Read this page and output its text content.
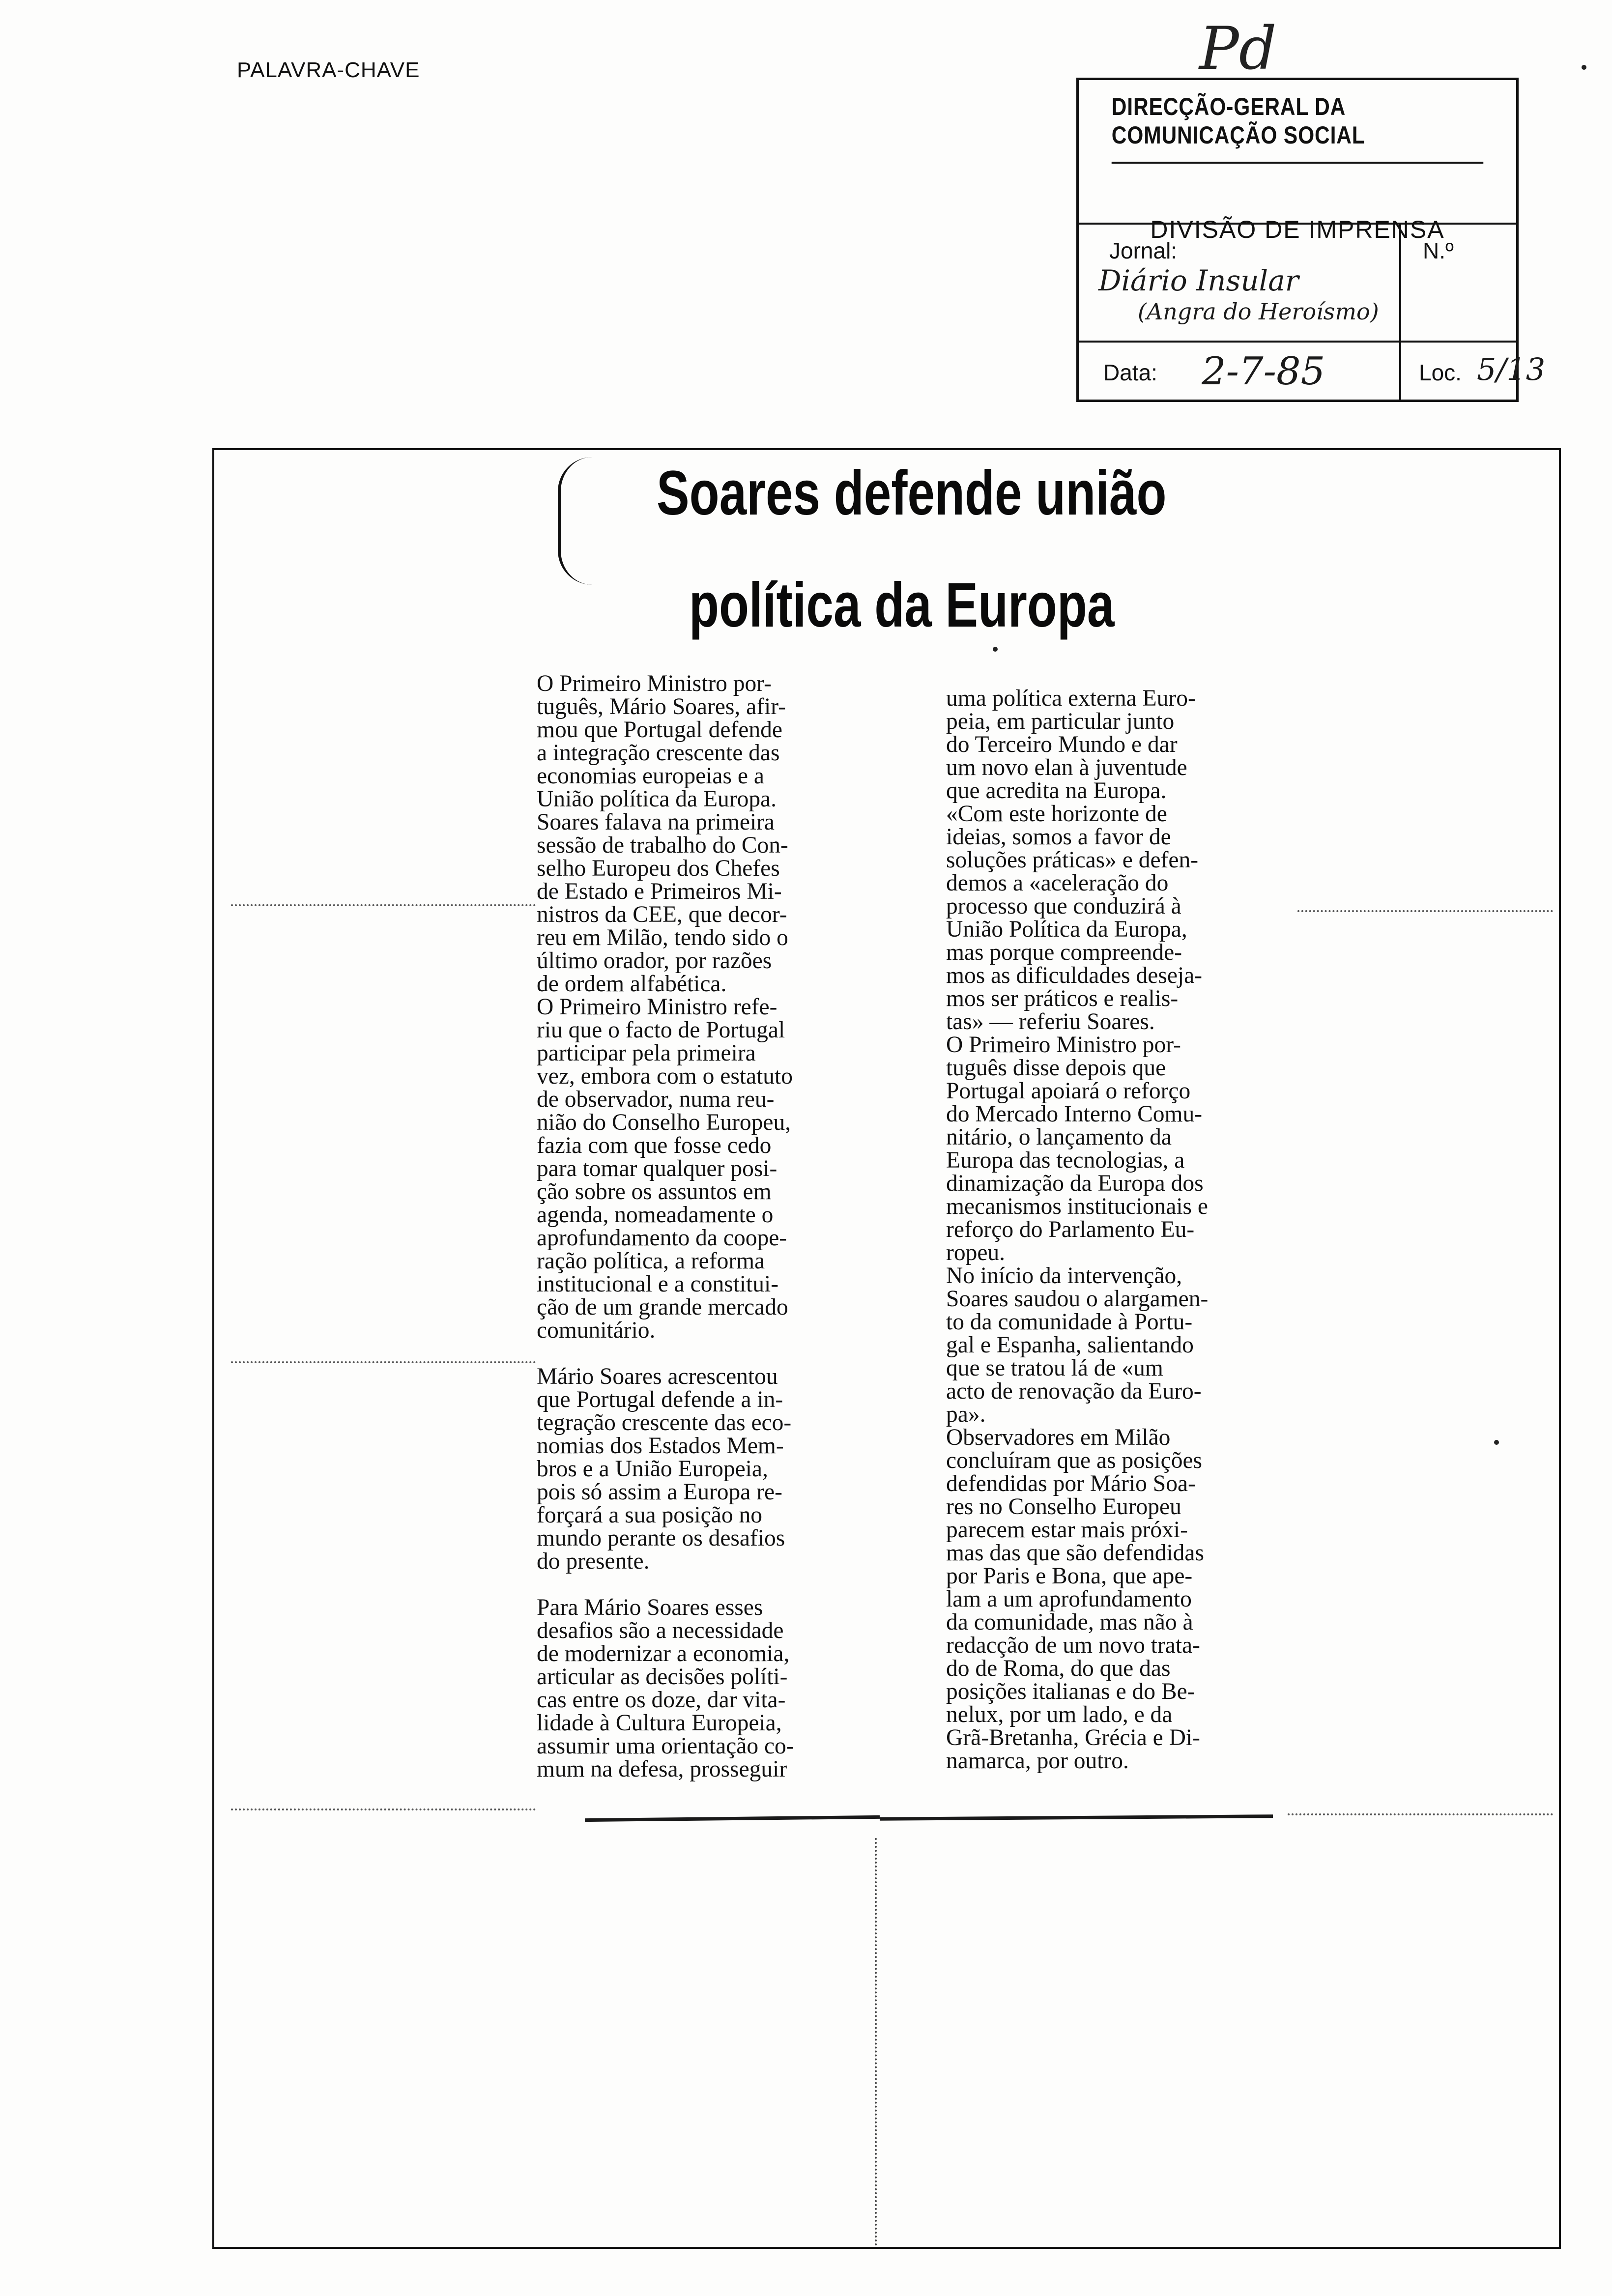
PALAVRA-CHAVE	Pd
DIRECÇÃO-GERAL DA COMUNICAÇÃO SOCIAL
DIVISÃO DE IMPRENSA
Jornal:
Diário Insular
(Angra do Heroísmo)
N.º
Data: 2-7-85	Loc. 5/13
Soares defende união
política da Europa
O Primeiro Ministro por-
tuguês, Mário Soares, afir-
mou que Portugal defende
a integração crescente das
economias europeias e a
União política da Europa.
Soares falava na primeira
sessão de trabalho do Con-
selho Europeu dos Chefes
de Estado e Primeiros Mi-
nistros da CEE, que decor-
reu em Milão, tendo sido o
último orador, por razões
de ordem alfabética.
O Primeiro Ministro refe-
riu que o facto de Portugal
participar pela primeira
vez, embora com o estatuto
de observador, numa reu-
nião do Conselho Europeu,
fazia com que fosse cedo
para tomar qualquer posi-
ção sobre os assuntos em
agenda, nomeadamente o
aprofundamento da coope-
ração política, a reforma
institucional e a constitui-
ção de um grande mercado
comunitário.

Mário Soares acrescentou
que Portugal defende a in-
tegração crescente das eco-
nomias dos Estados Mem-
bros e a União Europeia,
pois só assim a Europa re-
forçará a sua posição no
mundo perante os desafios
do presente.

Para Mário Soares esses
desafios são a necessidade
de modernizar a economia,
articular as decisões políti-
cas entre os doze, dar vita-
lidade à Cultura Europeia,
assumir uma orientação co-
mum na defesa, prosseguir
uma política externa Euro-
peia, em particular junto
do Terceiro Mundo e dar
um novo elan à juventude
que acredita na Europa.
«Com este horizonte de
ideias, somos a favor de
soluções práticas» e defen-
demos a «aceleração do
processo que conduzirá à
União Política da Europa,
mas porque compreende-
mos as dificuldades deseja-
mos ser práticos e realis-
tas» — referiu Soares.
O Primeiro Ministro por-
tuguês disse depois que
Portugal apoiará o reforço
do Mercado Interno Comu-
nitário, o lançamento da
Europa das tecnologias, a
dinamização da Europa dos
mecanismos institucionais e
reforço do Parlamento Eu-
ropeu.
No início da intervenção,
Soares saudou o alargamen-
to da comunidade à Portu-
gal e Espanha, salientando
que se tratou lá de «um
acto de renovação da Euro-
pa».
Observadores em Milão
concluíram que as posições
defendidas por Mário Soa-
res no Conselho Europeu
parecem estar mais próxi-
mas das que são defendidas
por Paris e Bona, que ape-
lam a um aprofundamento
da comunidade, mas não à
redacção de um novo trata-
do de Roma, do que das
posições italianas e do Be-
nelux, por um lado, e da
Grã-Bretanha, Grécia e Di-
namarca, por outro.
